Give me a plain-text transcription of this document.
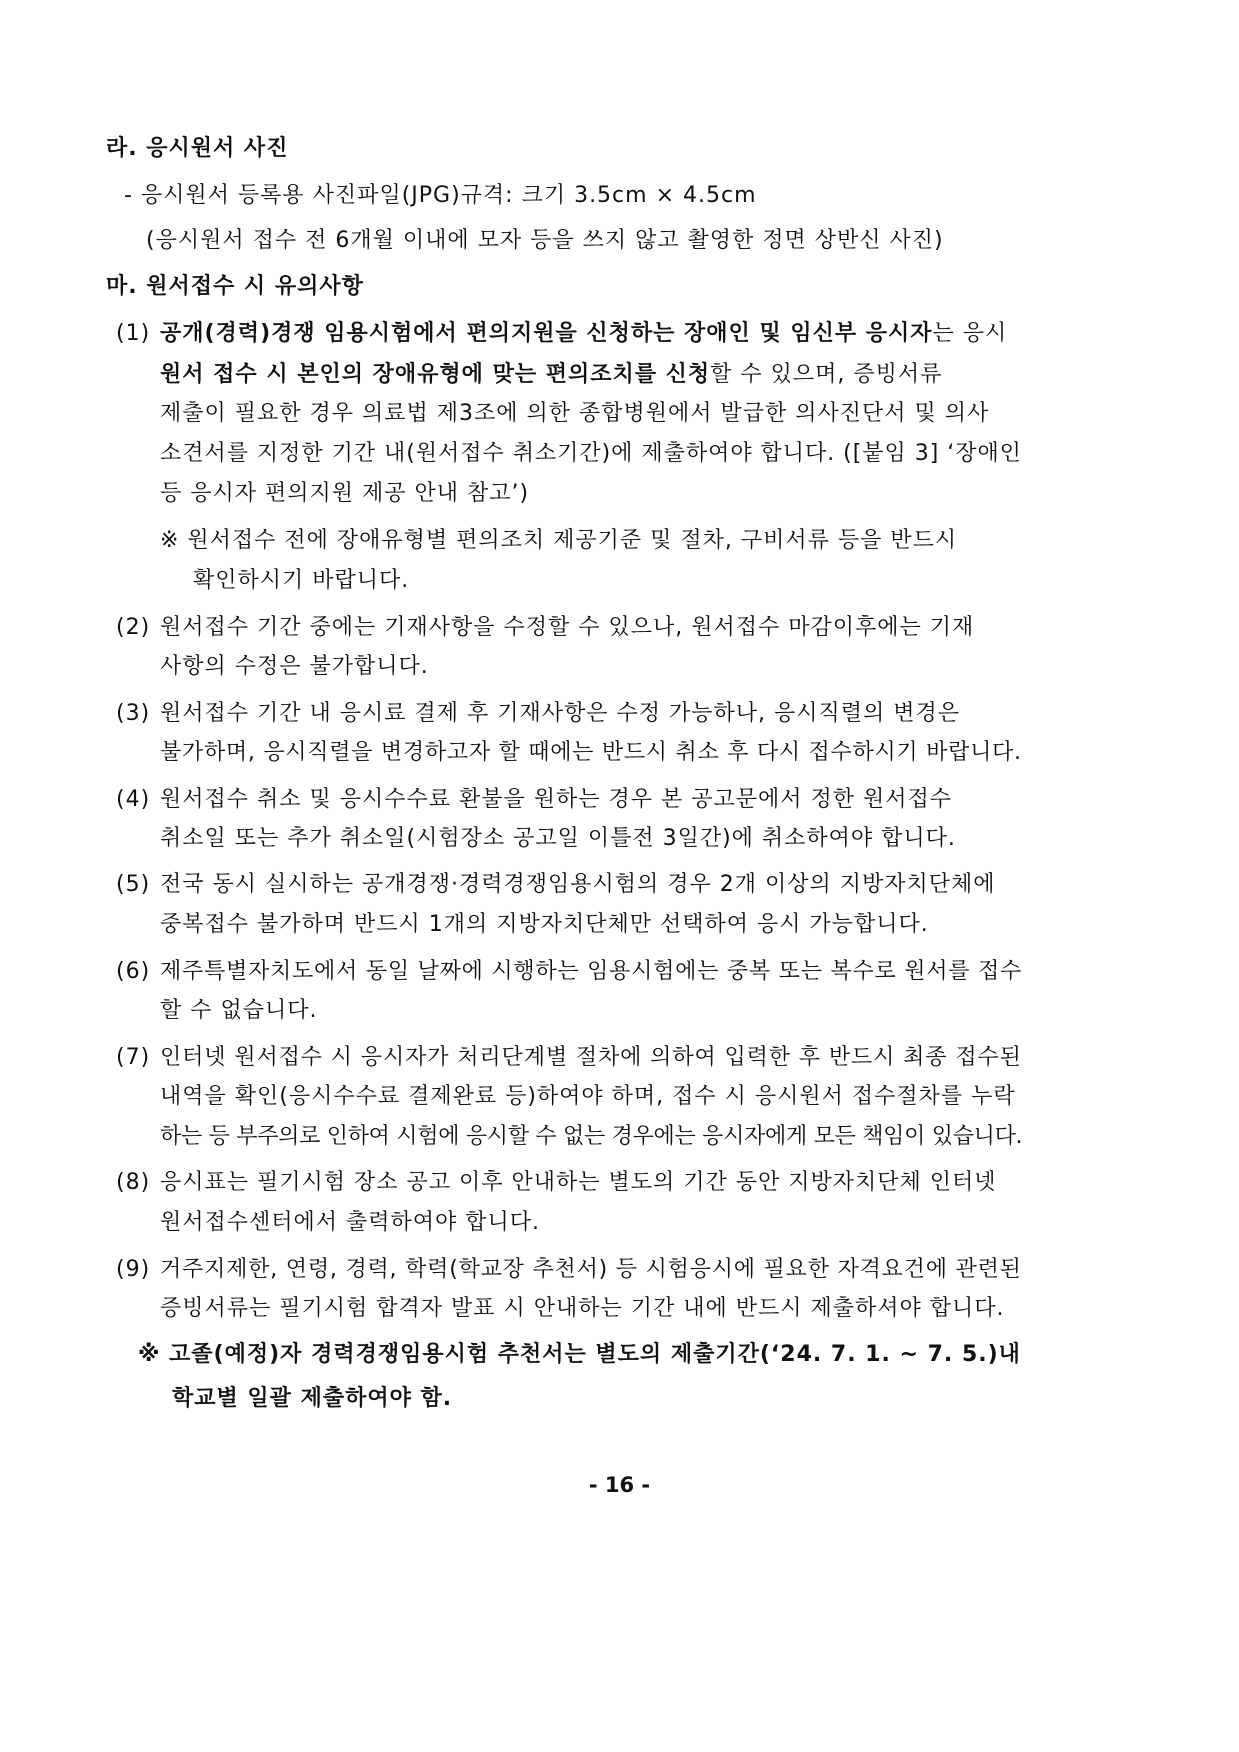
라. 응시원서 사진
- 응시원서 등록용 사진파일(JPG)규격: 크기 3.5cm × 4.5cm
(응시원서 접수 전 6개월 이내에 모자 등을 쓰지 않고 촬영한 정면 상반신 사진)
마. 원서접수 시 유의사항
(1) 공개(경력)경쟁 임용시험에서 편의지원을 신청하는 장애인 및 임신부 응시자는 응시
원서 접수 시 본인의 장애유형에 맞는 편의조치를 신청할 수 있으며, 증빙서류
제출이 필요한 경우 의료법 제3조에 의한 종합병원에서 발급한 의사진단서 및 의사
소견서를 지정한 기간 내(원서접수 취소기간)에 제출하여야 합니다. ([붙임 3] ‘장애인
등 응시자 편의지원 제공 안내 참고’)
※ 원서접수 전에 장애유형별 편의조치 제공기준 및 절차, 구비서류 등을 반드시
확인하시기 바랍니다.
(2) 원서접수 기간 중에는 기재사항을 수정할 수 있으나, 원서접수 마감이후에는 기재
사항의 수정은 불가합니다.
(3) 원서접수 기간 내 응시료 결제 후 기재사항은 수정 가능하나, 응시직렬의 변경은
불가하며, 응시직렬을 변경하고자 할 때에는 반드시 취소 후 다시 접수하시기 바랍니다.
(4) 원서접수 취소 및 응시수수료 환불을 원하는 경우 본 공고문에서 정한 원서접수
취소일 또는 추가 취소일(시험장소 공고일 이틀전 3일간)에 취소하여야 합니다.
(5) 전국 동시 실시하는 공개경쟁·경력경쟁임용시험의 경우 2개 이상의 지방자치단체에
중복접수 불가하며 반드시 1개의 지방자치단체만 선택하여 응시 가능합니다.
(6) 제주특별자치도에서 동일 날짜에 시행하는 임용시험에는 중복 또는 복수로 원서를 접수
할 수 없습니다.
(7) 인터넷 원서접수 시 응시자가 처리단계별 절차에 의하여 입력한 후 반드시 최종 접수된
내역을 확인(응시수수료 결제완료 등)하여야 하며, 접수 시 응시원서 접수절차를 누락
하는 등 부주의로 인하여 시험에 응시할 수 없는 경우에는 응시자에게 모든 책임이 있습니다.
(8) 응시표는 필기시험 장소 공고 이후 안내하는 별도의 기간 동안 지방자치단체 인터넷
원서접수센터에서 출력하여야 합니다.
(9) 거주지제한, 연령, 경력, 학력(학교장 추천서) 등 시험응시에 필요한 자격요건에 관련된
증빙서류는 필기시험 합격자 발표 시 안내하는 기간 내에 반드시 제출하셔야 합니다.
※ 고졸(예정)자 경력경쟁임용시험 추천서는 별도의 제출기간(‘24. 7. 1. ~ 7. 5.)내
학교별 일괄 제출하여야 함.
- 16 -
